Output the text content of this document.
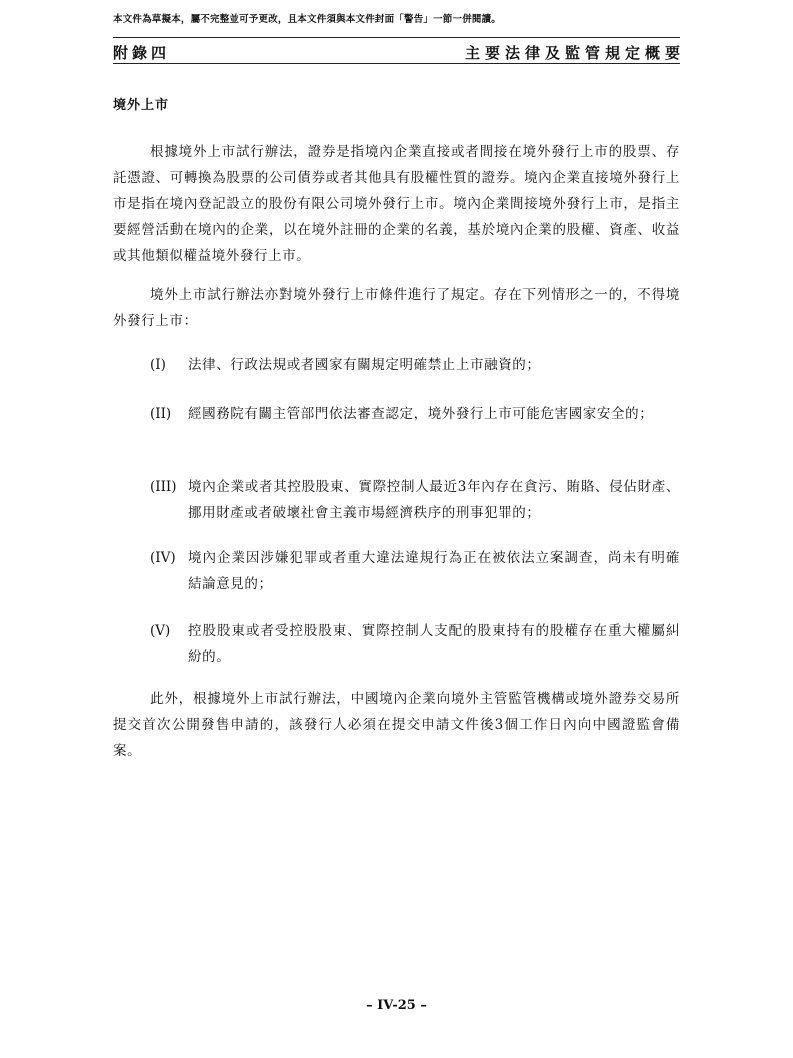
本文件為草擬本，屬不完整並可予更改，且本文件須與本文件封面「警告」一節一併閱讀。
附錄四	主要法律及監管規定概要
境外上市
根據境外上市試行辦法，證券是指境內企業直接或者間接在境外發行上市的股票、存託憑證、可轉換為股票的公司債券或者其他具有股權性質的證券。境內企業直接境外發行上市是指在境內登記設立的股份有限公司境外發行上市。境內企業間接境外發行上市，是指主要經營活動在境內的企業，以在境外註冊的企業的名義，基於境內企業的股權、資產、收益或其他類似權益境外發行上市。
境外上市試行辦法亦對境外發行上市條件進行了規定。存在下列情形之一的，不得境外發行上市：
(I)	法律、行政法規或者國家有關規定明確禁止上市融資的；
(II)	經國務院有關主管部門依法審查認定，境外發行上市可能危害國家安全的；
(III) 境內企業或者其控股股東、實際控制人最近3年內存在貪污、賄賂、侵佔財產、挪用財產或者破壞社會主義市場經濟秩序的刑事犯罪的；
(IV) 境內企業因涉嫌犯罪或者重大違法違規行為正在被依法立案調查，尚未有明確結論意見的；
(V)	控股股東或者受控股股東、實際控制人支配的股東持有的股權存在重大權屬糾紛的。
此外，根據境外上市試行辦法，中國境內企業向境外主管監管機構或境外證券交易所提交首次公開發售申請的，該發行人必須在提交申請文件後3個工作日內向中國證監會備案。
– IV-25 –
